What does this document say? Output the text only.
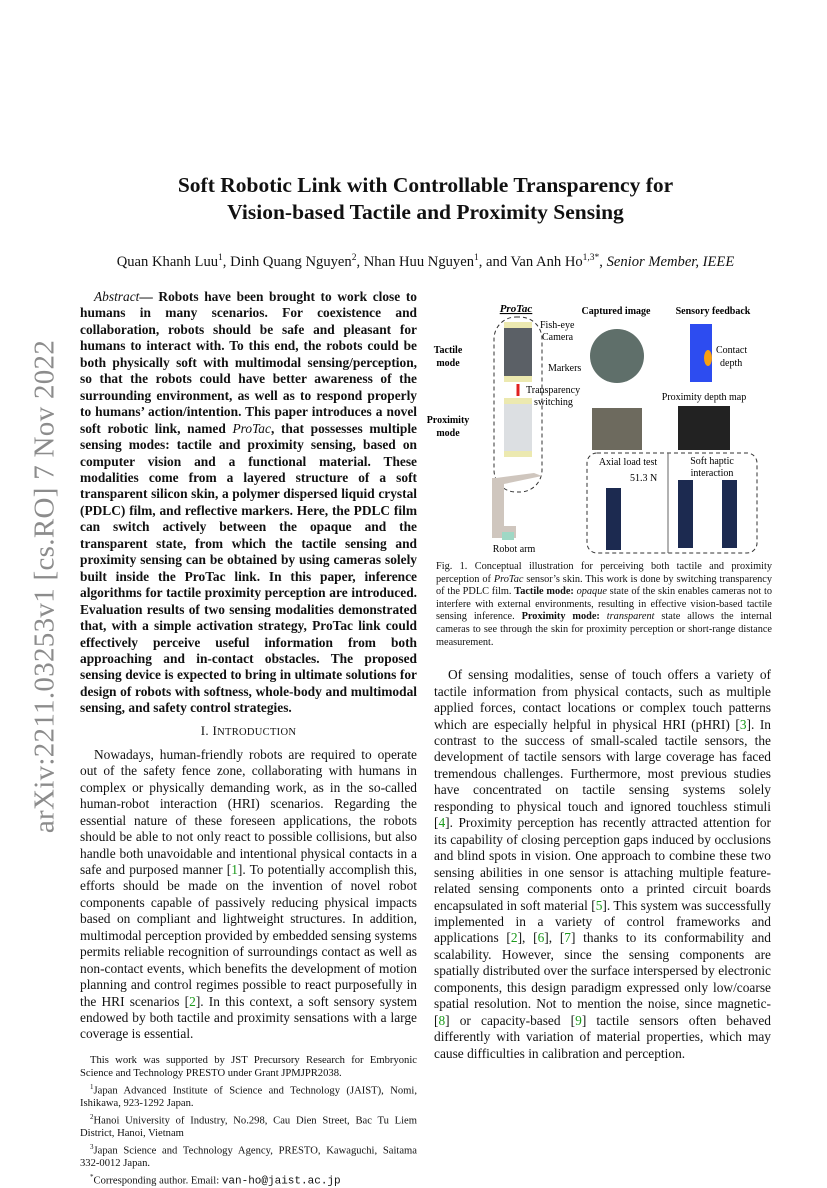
arXiv:2211.03253v1 [cs.RO] 7 Nov 2022
Soft Robotic Link with Controllable Transparency for
Vision-based Tactile and Proximity Sensing
Quan Khanh Luu$^1$, Dinh Quang Nguyen$^2$, Nhan Huu Nguyen$^1$, and Van Anh $Ho^{1,3*}$, Senior Member, IEEE

Abstract— Robots have been brought to work close to humans in many scenarios. For coexistence and collaboration, robots should be safe and pleasant for humans to interact with. To this end, the robots could be both physically soft with multimodal sensing/perception, so that the robots could have better awareness of the surrounding environment, as well as to respond properly to humans’ action/intention. This paper introduces a novel soft robotic link, named ProTac, that possesses multiple sensing modes: tactile and proximity sensing, based on computer vision and a functional material. These modalities come from a layered structure of a soft transparent silicon skin, a polymer dispersed liquid crystal (PDLC) film, and reflective markers. Here, the PDLC film can switch actively between the opaque and the transparent state, from which the tactile sensing and proximity sensing can be obtained by using cameras solely built inside the ProTac link. In this paper, inference algorithms for tactile proximity perception are introduced. Evaluation results of two sensing modalities demonstrated that, with a simple activation strategy, ProTac link could effectively perceive useful information from both approaching and in-contact obstacles. The proposed sensing device is expected to bring in ultimate solutions for design of robots with softness, whole-body and multimodal sensing, and safety control strategies.

I. INTRODUCTION

Nowadays, human-friendly robots are required to operate out of the safety fence zone, collaborating with humans in complex or physically demanding work, as in the so-called human-robot interaction (HRI) scenarios. Regarding the essential nature of these foreseen applications, the robots should be able to not only react to possible collisions, but also handle both unavoidable and intentional physical contacts in a safe and purposed manner [1]. To potentially accomplish this, efforts should be made on the invention of novel robot components capable of passively reducing physical impacts based on compliant and lightweight structures. In addition, multimodal perception provided by embedded sensing systems permits reliable recognition of surroundings contact as well as non-contact events, which benefits the development of motion planning and control regimes possible to react purposefully in the HRI scenarios [2]. In this context, a soft sensory system endowed by both tactile and proximity sensations with a large coverage is essential.

This work was supported by JST Precursory Research for Embryonic Science and Technology PRESTO under Grant JPMJPR2038.

$^1$Japan Advanced Institute of Science and Technology (JAIST), Nomi, Ishikawa, 923-1292 Japan.

$^2$Hanoi University of Industry, No.298, Cau Dien Street, Bac Tu Liem District, Hanoi, Vietnam

$^3$Japan Science and Technology Agency, PRESTO, Kawaguchi, Saitama 332-0012 Japan.

*Corresponding author. Email: van-ho@jaist.ac.jp

ProTac	Captured image	Sensory feedback
Tactile
mode
Proximity
mode
Fish-eye
Camera
Markers
Transparency
switching
Contact
depth
Proximity depth map
Axial load test
51.3 N
Soft haptic
interaction
Robot arm
Fig. 1. Conceptual illustration for perceiving both tactile and proximity perception of ProTac sensor’s skin. This work is done by switching transparency of the PDLC film. Tactile mode: opaque state of the skin enables cameras not to interfere with external environments, resulting in effective vision-based tactile sensing inference. Proximity mode: transparent state allows the internal cameras to see through the skin for proximity perception or short-range distance measurement.

Of sensing modalities, sense of touch offers a variety of tactile information from physical contacts, such as multiple applied forces, contact locations or complex touch patterns which are especially helpful in physical HRI (pHRI) [3]. In contrast to the success of small-scaled tactile sensors, the development of tactile sensors with large coverage has faced tremendous challenges. Furthermore, most previous studies have concentrated on tactile sensing systems solely responding to physical touch and ignored touchless stimuli [4]. Proximity perception has recently attracted attention for its capability of closing perception gaps induced by occlusions and blind spots in vision. One approach to combine these two sensing abilities in one sensor is attaching multiple feature-related sensing components onto a printed circuit boards encapsulated in soft material [5]. This system was successfully implemented in a variety of control frameworks and applications [2], [6], [7] thanks to its conformability and scalability. However, since the sensing components are spatially distributed over the surface interspersed by electronic components, this design paradigm expressed only low/coarse spatial resolution. Not to mention the noise, since magnetic- [8] or capacity-based [9] tactile sensors often behaved differently with variation of material properties, which may cause difficulties in calibration and perception.
